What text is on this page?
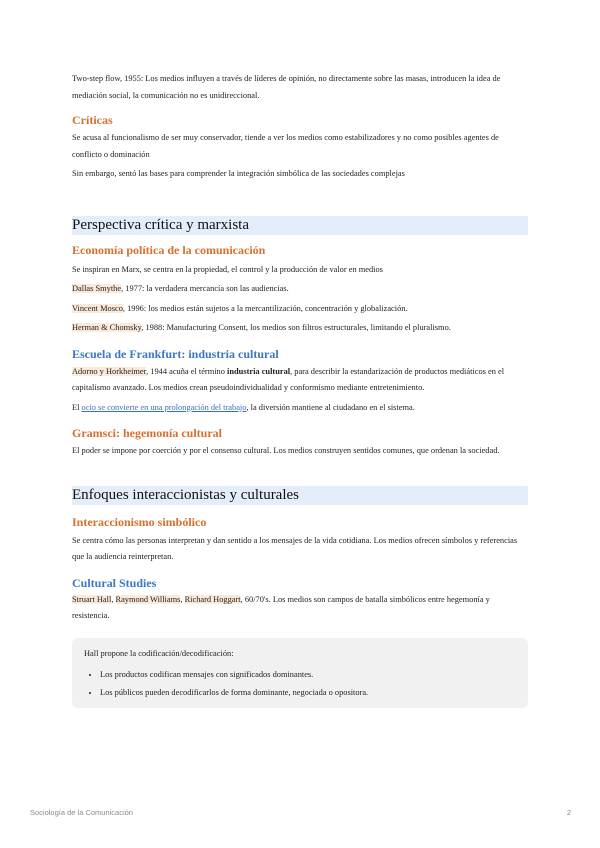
Two-step flow, 1955: Los medios influyen a través de líderes de opinión, no directamente sobre las masas, introducen la idea de mediación social, la comunicación no es unidireccional.

Críticas

Se acusa al funcionalismo de ser muy conservador, tiende a ver los medios como estabilizadores y no como posibles agentes de conflicto o dominación

Sin embargo, sentó las bases para comprender la integración simbólica de las sociedades complejas

Perspectiva crítica y marxista
Economía política de la comunicación

Se inspiran en Marx, se centra en la propiedad, el control y la producción de valor en medios

Dallas Smythe, 1977: la verdadera mercancía son las audiencias.

Vincent Mosco, 1996: los medios están sujetos a la mercantilización, concentración y globalización.

Herman & Chomsky, 1988: Manufacturing Consent, los medios son filtros estructurales, limitando el pluralismo.

Escuela de Frankfurt: industria cultural

Adorno y Horkheimer, 1944 acuña el término industria cultural, para describir la estandarización de productos mediáticos en el capitalismo avanzado. Los medios crean pseudoindividualidad y conformismo mediante entretenimiento.

El ocio se convierte en una prolongación del trabajo, la diversión mantiene al ciudadano en el sistema.

Gramsci: hegemonía cultural

El poder se impone por coerción y por el consenso cultural. Los medios construyen sentidos comunes, que ordenan la sociedad.

Enfoques interaccionistas y culturales
Interaccionismo simbólico

Se centra cómo las personas interpretan y dan sentido a los mensajes de la vida cotidiana. Los medios ofrecen símbolos y referencias que la audiencia reinterpretan.

Cultural Studies

Struart Hall, Raymond Williams, Richard Hoggart, 60/70's. Los medios son campos de batalla simbólicos entre hegemonía y resistencia.

Hall propone la codificación/decodificación:

• Los productos codifican mensajes con significados dominantes.
• Los públicos pueden decodificarlos de forma dominante, negociada o opositora.
Sociología de la Comunicación	2
